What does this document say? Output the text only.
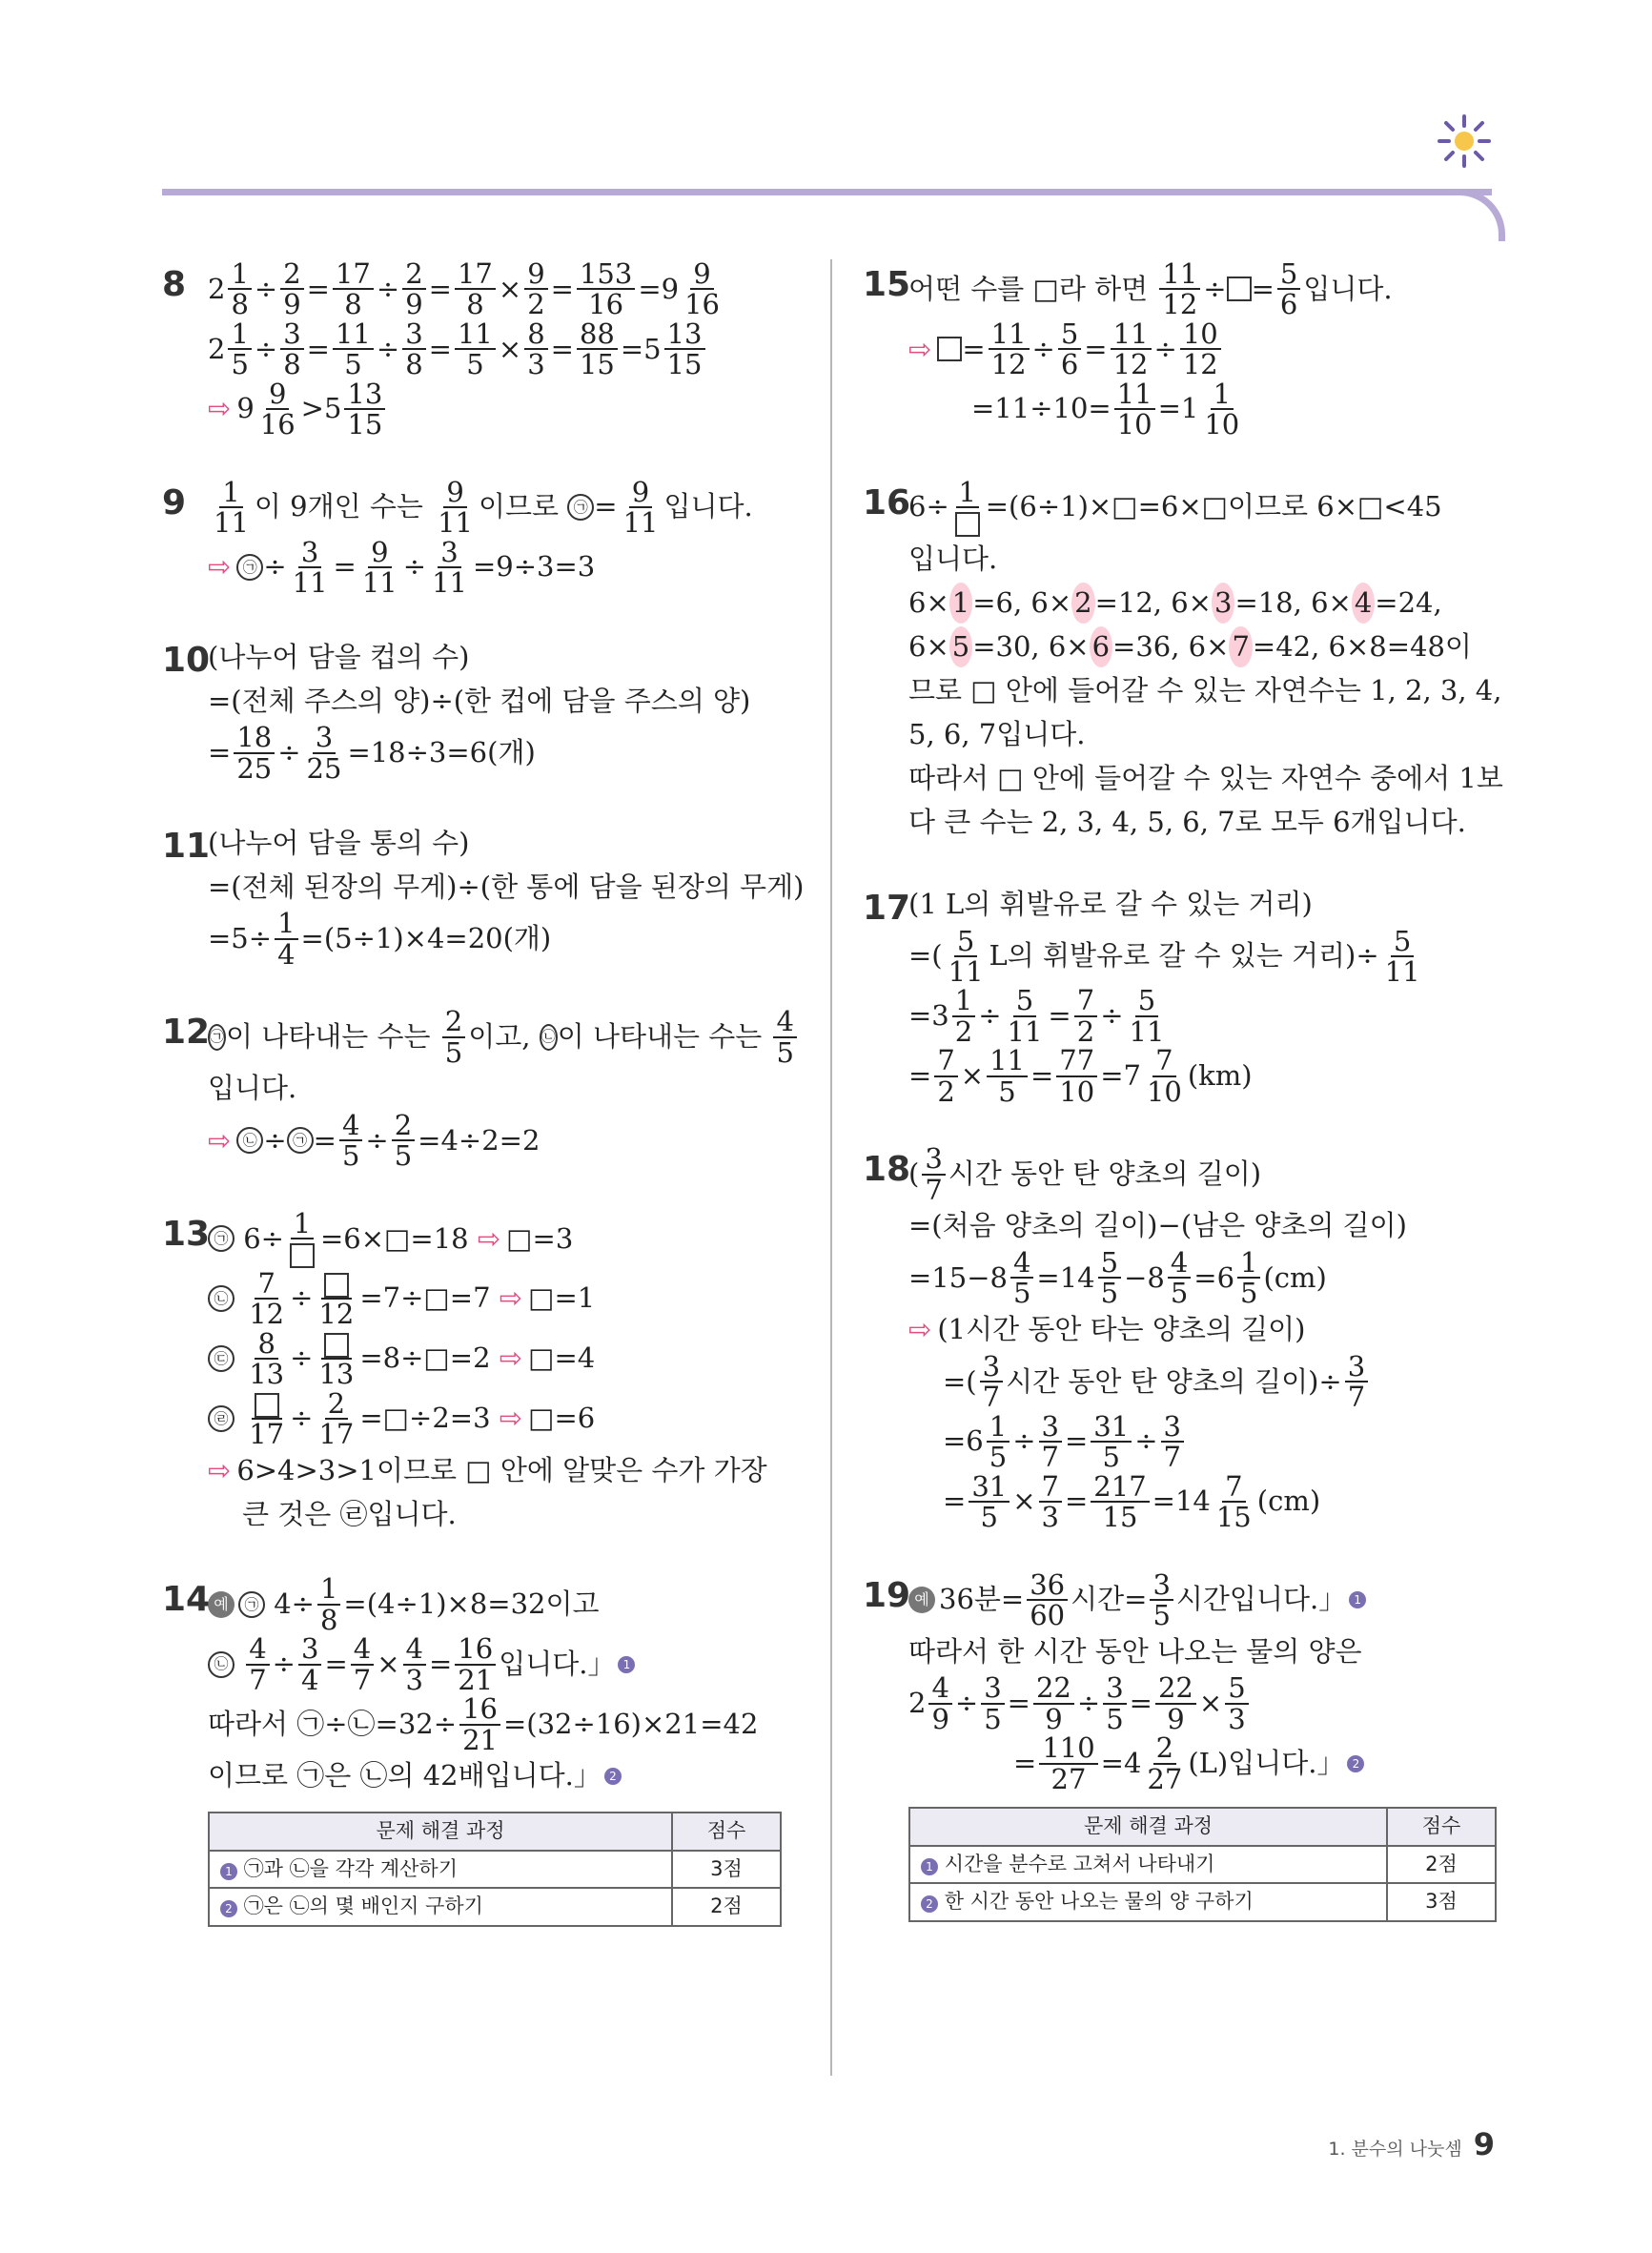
8 $2 \frac{1}{8} \div \frac{2}{9} = \frac{17}{8} \div \frac{2}{9} = \frac{17}{8} \times \frac{9}{2} = \frac{153}{16} =9 \frac{9}{16}$
$2 \frac{1}{5} \div \frac{3}{8} = \frac{11}{5} \div \frac{3}{8} = \frac{11}{5} \times \frac{8}{3} = \frac{88}{15} =5 \frac{13}{15}$
⇨ $9 \frac{9}{16} >5 \frac{13}{15}$
$9 \frac{1}{11}$ 이 9개인 수는
$\frac{9}{11}$ 이므로
	㉠ = $\frac{9}{11}$ 입니다.
⇨ ㉠ ÷ $\frac{3}{11} = \frac{9}{11} \div \frac{3}{11} =9\div 3=3$
10
(나누어 담을 컵의 수)
=(전체 주스의 양)÷(한 컵에 담을 주스의 양)
= $\frac{18}{25} \div \frac{3}{25} =18\div 3=6$(개)
11
(나누어 담을 통의 수)
=(전체 된장의 무게)÷(한 통에 담을 된장의 무게)
$=5\div \frac{1}{4} =(5\div 1)\times 4=20$(개)
12 ㉠ 이 나타내는 수는
$\frac{2}{5}$ 이고,
㉡ 이 나타내는 수는
$\frac{4}{5}$
입니다.
⇨ ㉡ ÷ ㉠ = $\frac{4}{5} \div \frac{2}{5} =4\div 2=2$
13 ㉠ 6÷ 1 =6×□=18
⇨ □=3
㉡
$\frac{7}{12} \div 12$ =7÷□=7
⇨ □=1
㉢
$\frac{8}{13} \div 13$ =8÷□=2
⇨ □=4
㉣
$17 \div \frac{2}{17}$ =□÷2=3
⇨ □=6
⇨ 6>4>3>1이므로 □ 안에 알맞은 수가 가장
큰 것은 ㉣입니다.
14 예	㉠ $4\div \frac{1}{8} =(4\div 1)\times 8=32$이고
㉡
$\frac{4}{7} \div \frac{3}{4} = \frac{4}{7} \times \frac{4}{3} = \frac{16}{21}$ 입니다.」 1
따라서 ㉠÷㉡=32÷ $\frac{16}{21} =(32\div 16)\times 21=42$
이므로 ㉠은 ㉡의 42배입니다.」 2
문제 해결 과정	점수
1 ㉠과 ㉡을 각각 계산하기	3점
2 ㉠은 ㉡의 몇 배인지 구하기	2점
15
어떤 수를 □라 하면
$\frac{11}{12}$ ÷ = $\frac{5}{6}$ 입니다.
⇨ = $\frac{11}{12} \div \frac{5}{6} = \frac{11}{12} \div \frac{10}{12}$
$=11\div 10= \frac{11}{10} =1 \frac{1}{10}$
16
6÷ 1 =(6÷1)×□=6×□이므로 6×□<45
입니다.
6× 1 =6, 6× 2 =12, 6× 3 =18, 6× 4 =24,
6× 5 =30, 6× 6 =36, 6× 7 =42, 6×8=48이
므로 □ 안에 들어갈 수 있는 자연수는 1, 2, 3, 4,
5, 6, 7입니다.
따라서 □ 안에 들어갈 수 있는 자연수 중에서 1보
다 큰 수는 2, 3, 4, 5, 6, 7로 모두 6개입니다.
17
(1 L의 휘발유로 갈 수 있는 거리)
=( $\frac{5}{11}$ L의 휘발유로 갈 수 있는 거리 )÷ $\frac{5}{11}$
$=3 \frac{1}{2} \div \frac{5}{11} = \frac{7}{2} \div \frac{5}{11}$
= $\frac{7}{2} \times \frac{11}{5} = \frac{77}{10} =7 \frac{7}{10} (km)$
18
( $\frac{3}{7}$ 시간 동안 탄 양초의 길이 )
=(처음 양초의 길이)−(남은 양초의 길이)
$=15-8 \frac{4}{5} =14 \frac{5}{5} -8 \frac{4}{5} =6 \frac{1}{5} (cm)$
⇨ (1시간 동안 타는 양초의 길이)
=( $\frac{3}{7}$ 시간 동안 탄 양초의 길이 )÷ $\frac{3}{7}$
$=6 \frac{1}{5} \div \frac{3}{7} = \frac{31}{5} \div \frac{3}{7}$
= $\frac{31}{5} \times \frac{7}{3} = \frac{217}{15} =14 \frac{7}{15} (cm)$
19 예 36분= $\frac{36}{60}$ 시간= $\frac{3}{5}$ 시간입니다.」 1
따라서 한 시간 동안 나오는 물의 양은
$2 \frac{4}{9} \div \frac{3}{5} = \frac{22}{9} \div \frac{3}{5} = \frac{22}{9} \times \frac{5}{3}$
= $\frac{110}{27} =4 \frac{2}{27} (L)$입니다.」 2
문제 해결 과정	점수
1 시간을 분수로 고쳐서 나타내기	2점
2 한 시간 동안 나오는 물의 양 구하기	3점
1. 분수의 나눗셈 9
